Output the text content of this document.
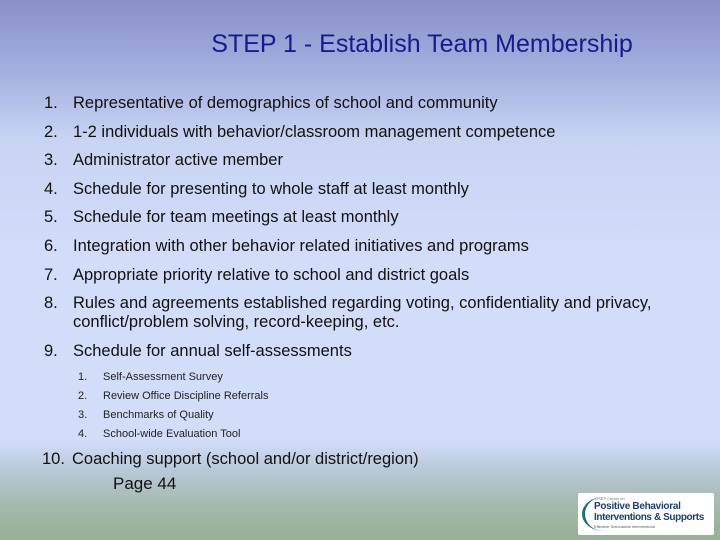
STEP 1 - Establish Team Membership
1. Representative of demographics of school and community
2. 1-2 individuals with behavior/classroom management competence
3. Administrator active member
4. Schedule for presenting to whole staff at least monthly
5. Schedule for team meetings at least monthly
6. Integration with other behavior related initiatives and programs
7. Appropriate priority relative to school and district goals
8. Rules and agreements established regarding voting, confidentiality and privacy, conflict/problem solving, record-keeping, etc.
9. Schedule for annual self-assessments
1.	Self-Assessment Survey
2.	Review Office Discipline Referrals
3.	Benchmarks of Quality
4.	School-wide Evaluation Tool
10. Coaching support (school and/or district/region)
Page 44
OSEP Center on
Positive Behavioral
Interventions & Supports
Effective Schoolwide Interventions
